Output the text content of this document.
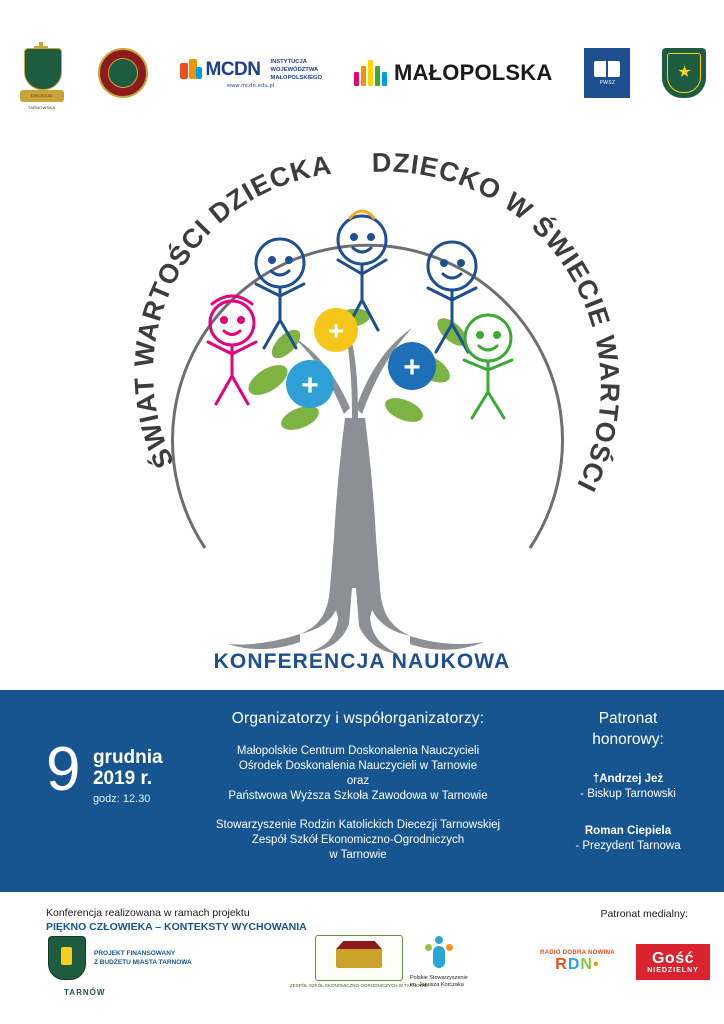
DIECEZJA TARNOWSKA
MCDN INSTYTUCJA
WOJEWÓDZTWA
MAŁOPOLSKIEGO
www.mcdn.edu.pl
MAŁOPOLSKA	PWSZ
★
ŚWIAT WARTOŚCI DZIECKA DZIECKO W ŚWIECIE WARTOŚCI
+
+
+
KONFERENCJA NAUKOWA
9 grudnia
2019 r.
godz: 12.30
Organizatorzy i współorganizatorzy:

Małopolskie Centrum Doskonalenia Nauczycieli
Ośrodek Doskonalenia Nauczycieli w Tarnowie
oraz
Państwowa Wyższa Szkoła Zawodowa w Tarnowie

Stowarzyszenie Rodzin Katolickich Diecezji Tarnowskiej
Zespół Szkół Ekonomiczno-Ogrodniczych
w Tarnowie

Patronat
honorowy:
†Andrzej Jeż
- Biskup Tarnowski
Roman Ciepiela
- Prezydent Tarnowa
Konferencja realizowana w ramach projektu
PIĘKNO CZŁOWIEKA – KONTEKSTY WYCHOWANIA
Patronat medialny:
PROJEKT FINANSOWANY
Z BUDŻETU MIASTA TARNOWA
TARNÓW
ZESPÓŁ SZKÓŁ EKONOMICZNO-OGRODNICZYCH W TARNOWIE
Polskie Stowarzyszenie
im. Janusza Korczaka
RADIO DOBRA NOWINA
RDN•	Gość
NIEDZIELNY
